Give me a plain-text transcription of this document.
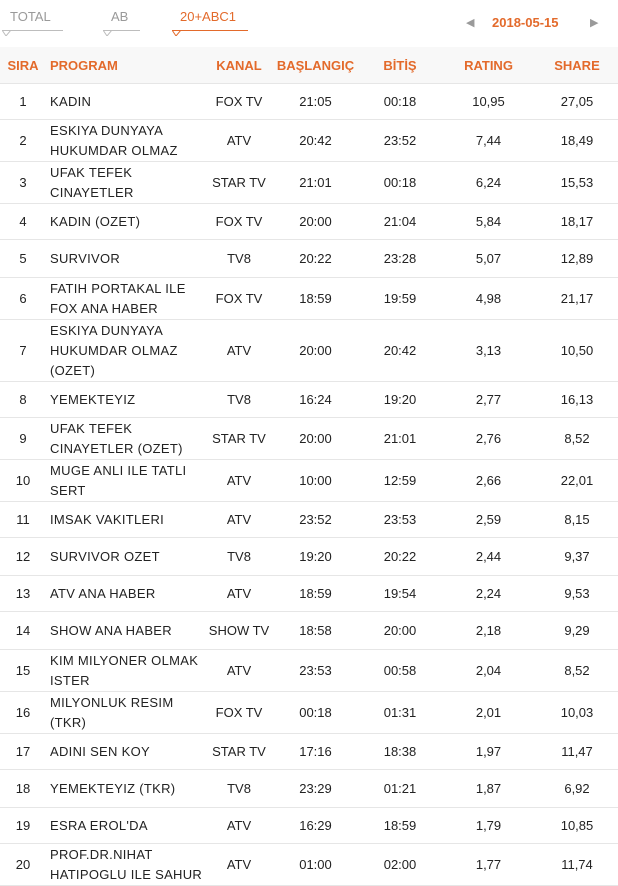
TOTAL	AB	20+ABC1	◀ 2018-05-15	▶
SIRA	PROGRAM	KANAL	BAŞLANGIÇ	BİTİŞ	RATING	SHARE
1	KADIN	FOX TV	21:05	00:18	10,95	27,05
2	ESKIYA DUNYAYA
HUKUMDAR OLMAZ	ATV	20:42	23:52	7,44	18,49
3	UFAK TEFEK
CINAYETLER	STAR TV	21:01	00:18	6,24	15,53
4	KADIN (OZET)	FOX TV	20:00	21:04	5,84	18,17
5	SURVIVOR	TV8	20:22	23:28	5,07	12,89
6	FATIH PORTAKAL ILE
FOX ANA HABER	FOX TV	18:59	19:59	4,98	21,17
7	ESKIYA DUNYAYA
HUKUMDAR OLMAZ
(OZET)	ATV	20:00	20:42	3,13	10,50
8	YEMEKTEYIZ	TV8	16:24	19:20	2,77	16,13
9	UFAK TEFEK
CINAYETLER (OZET)	STAR TV	20:00	21:01	2,76	8,52
10	MUGE ANLI ILE TATLI
SERT	ATV	10:00	12:59	2,66	22,01
11	IMSAK VAKITLERI	ATV	23:52	23:53	2,59	8,15
12	SURVIVOR OZET	TV8	19:20	20:22	2,44	9,37
13	ATV ANA HABER	ATV	18:59	19:54	2,24	9,53
14	SHOW ANA HABER	SHOW TV	18:58	20:00	2,18	9,29
15	KIM MILYONER OLMAK
ISTER	ATV	23:53	00:58	2,04	8,52
16	MILYONLUK RESIM
(TKR)	FOX TV	00:18	01:31	2,01	10,03
17	ADINI SEN KOY	STAR TV	17:16	18:38	1,97	11,47
18	YEMEKTEYIZ (TKR)	TV8	23:29	01:21	1,87	6,92
19	ESRA EROL'DA	ATV	16:29	18:59	1,79	10,85
20	PROF.DR.NIHAT
HATIPOGLU ILE SAHUR	ATV	01:00	02:00	1,77	11,74
